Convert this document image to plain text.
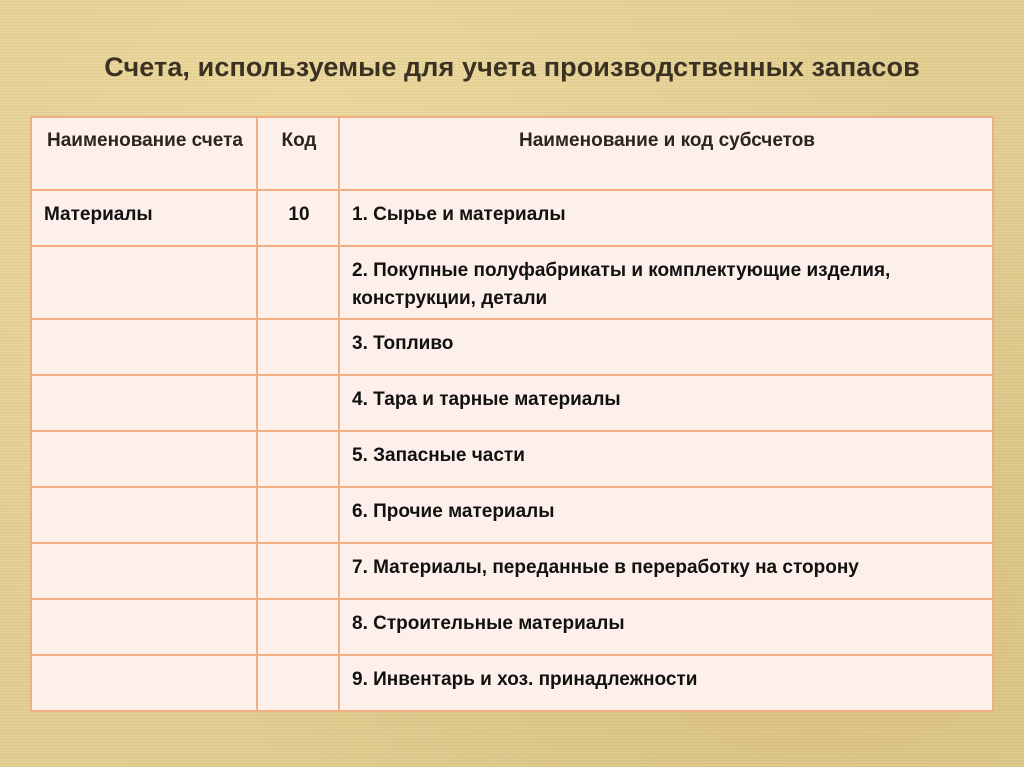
Счета, используемые для учета производственных запасов
Наименование счета	Код	Наименование и код субсчетов
Материалы	10	1. Сырье и материалы
		2. Покупные полуфабрикаты и комплектующие изделия, конструкции, детали
		3. Топливо
		4. Тара и тарные материалы
		5. Запасные части
		6. Прочие материалы
		7. Материалы, переданные в переработку на сторону
		8. Строительные материалы
		9. Инвентарь и хоз. принадлежности
